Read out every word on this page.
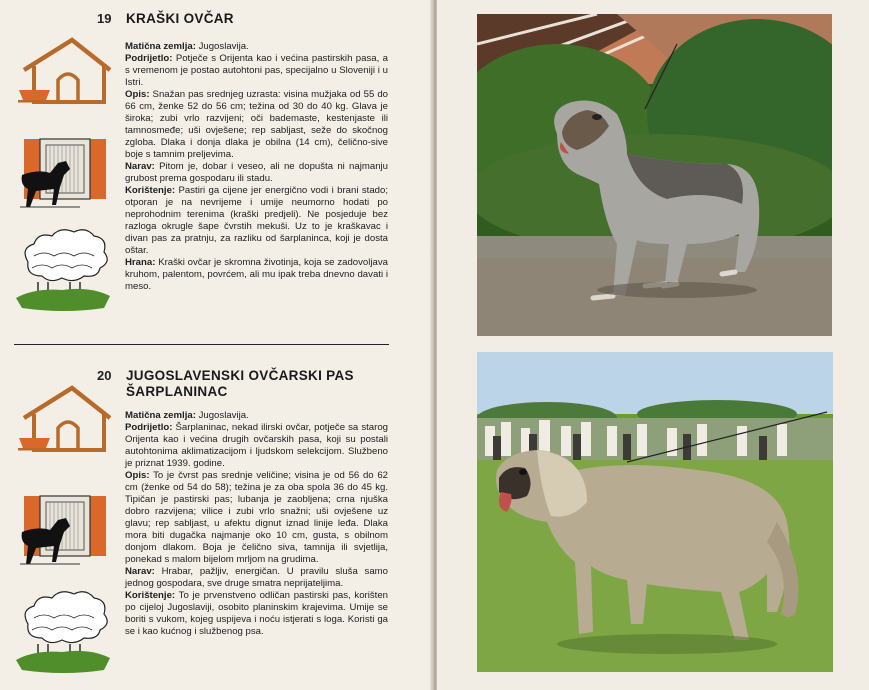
19 KRAŠKI OVČAR

Matična zemlja: Jugoslavija.

Podrijetlo: Potječe s Orijenta kao i većina pastirskih pasa, a s vremenom je postao autohtoni pas, specijalno u Sloveniji i u Istri.

Opis: Snažan pas srednjeg uzrasta: visina mužjaka od 55 do 66 cm, ženke 52 do 56 cm; težina od 30 do 40 kg. Glava je široka; zubi vrlo razvijeni; oči bademaste, kestenjaste ili tamnosmeđe; uši ovješene; rep sabljast, seže do skočnog zgloba. Dlaka i donja dlaka je obilna (14 cm), čelično-sive boje s tamnim preljevima.

Narav: Pitom je, dobar i veseo, ali ne dopušta ni najmanju grubost prema gospodaru ili stadu.

Korištenje: Pastiri ga cijene jer energično vodi i brani stado; otporan je na nevrijeme i umije neumorno hodati po neprohodnim terenima (kraški predjeli). Ne posjeduje bez razloga okrugle šape čvrstih mekuši. Uz to je kraškavac i divan pas za pratnju, za razliku od šarplaninca, koji je dosta oštar.

Hrana: Kraški ovčar je skromna životinja, koja se zadovoljava kruhom, palentom, povrćem, ali mu ipak treba dnevno davati i meso.

20 JUGOSLAVENSKI OVČARSKI PAS
ŠARPLANINAC

Matična zemlja: Jugoslavija.

Podrijetlo: Šarplaninac, nekad ilirski ovčar, potječe sa starog Orijenta kao i većina drugih ovčarskih pasa, koji su postali autohtonima aklimatizacijom i ljudskom selekcijom. Službeno je priznat 1939. godine.

Opis: To je čvrst pas srednje veličine; visina je od 56 do 62 cm (ženke od 54 do 58); težina je za oba spola 36 do 45 kg. Tipičan je pastirski pas; lubanja je zaobljena; crna njuška dobro razvijena; vilice i zubi vrlo snažni; uši ovješene uz glavu; rep sabljast, u afektu dignut iznad linije leđa. Dlaka mora biti dugačka najmanje oko 10 cm, gusta, s obilnom donjom dlakom. Boja je čelično siva, tamnija ili svjetlija, ponekad s malom bijelom mrljom na grudima.

Narav: Hrabar, pažljiv, energičan. U pravilu sluša samo jednog gospodara, sve druge smatra neprijateljima.

Korištenje: To je prvenstveno odličan pastirski pas, korišten po cijeloj Jugoslaviji, osobito planinskim krajevima. Umije se boriti s vukom, kojeg uspijeva i noću istjerati s loga. Koristi ga se i kao kućnog i službenog psa.
